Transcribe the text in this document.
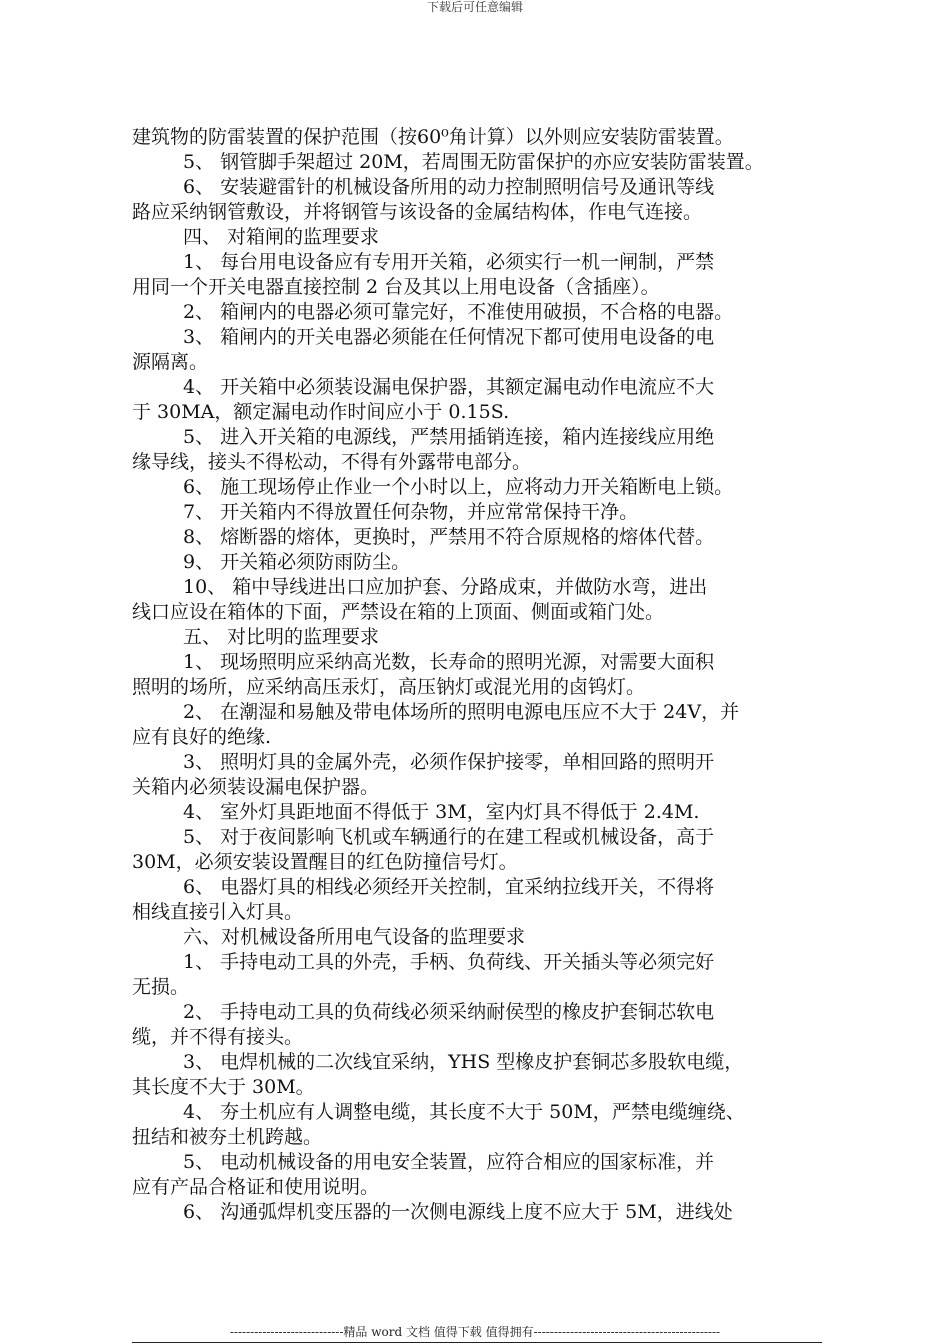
下载后可任意编辑

建筑物的防雷装置的保护范围（按60⁰角计算）以外则应安装防雷装置。

5、 钢管脚手架超过 20M，若周围无防雷保护的亦应安装防雷装置。

6、 安装避雷针的机械设备所用的动力控制照明信号及通讯等线

路应采纳钢管敷设，并将钢管与该设备的金属结构体，作电气连接。

四、 对箱闸的监理要求

1、 每台用电设备应有专用开关箱，必须实行一机一闸制，严禁

用同一个开关电器直接控制 2 台及其以上用电设备（含插座）。

2、 箱闸内的电器必须可靠完好，不准使用破损，不合格的电器。

3、 箱闸内的开关电器必须能在任何情况下都可使用电设备的电

源隔离。

4、 开关箱中必须装设漏电保护器，其额定漏电动作电流应不大

于 30MA，额定漏电动作时间应小于 0.15S.

5、 进入开关箱的电源线，严禁用插销连接，箱内连接线应用绝

缘导线，接头不得松动，不得有外露带电部分。

6、 施工现场停止作业一个小时以上，应将动力开关箱断电上锁。

7、 开关箱内不得放置任何杂物，并应常常保持干净。

8、 熔断器的熔体，更换时，严禁用不符合原规格的熔体代替。

9、 开关箱必须防雨防尘。

10、 箱中导线进出口应加护套、分路成束，并做防水弯，进出

线口应设在箱体的下面，严禁设在箱的上顶面、侧面或箱门处。

五、 对比明的监理要求

1、 现场照明应采纳高光数，长寿命的照明光源，对需要大面积

照明的场所，应采纳高压汞灯，高压钠灯或混光用的卤钨灯。

2、 在潮湿和易触及带电体场所的照明电源电压应不大于 24V，并

应有良好的绝缘.

3、 照明灯具的金属外壳，必须作保护接零，单相回路的照明开

关箱内必须装设漏电保护器。

4、 室外灯具距地面不得低于 3M，室内灯具不得低于 2.4M.

5、 对于夜间影响飞机或车辆通行的在建工程或机械设备，高于

30M，必须安装设置醒目的红色防撞信号灯。

6、 电器灯具的相线必须经开关控制，宜采纳拉线开关，不得将

相线直接引入灯具。

六、对机械设备所用电气设备的监理要求

1、 手持电动工具的外壳，手柄、负荷线、开关插头等必须完好

无损。

2、 手持电动工具的负荷线必须采纳耐侯型的橡皮护套铜芯软电

缆，并不得有接头。

3、 电焊机械的二次线宜采纳，YHS 型橡皮护套铜芯多股软电缆，

其长度不大于 30M。

4、 夯土机应有人调整电缆，其长度不大于 50M，严禁电缆缠绕、

扭结和被夯土机跨越。

5、 电动机械设备的用电安全装置，应符合相应的国家标准，并

应有产品合格证和使用说明。

6、 沟通弧焊机变压器的一次侧电源线上度不应大于 5M，进线处

----------------------------精品 word 文档 值得下载 值得拥有----------------------------------------------
